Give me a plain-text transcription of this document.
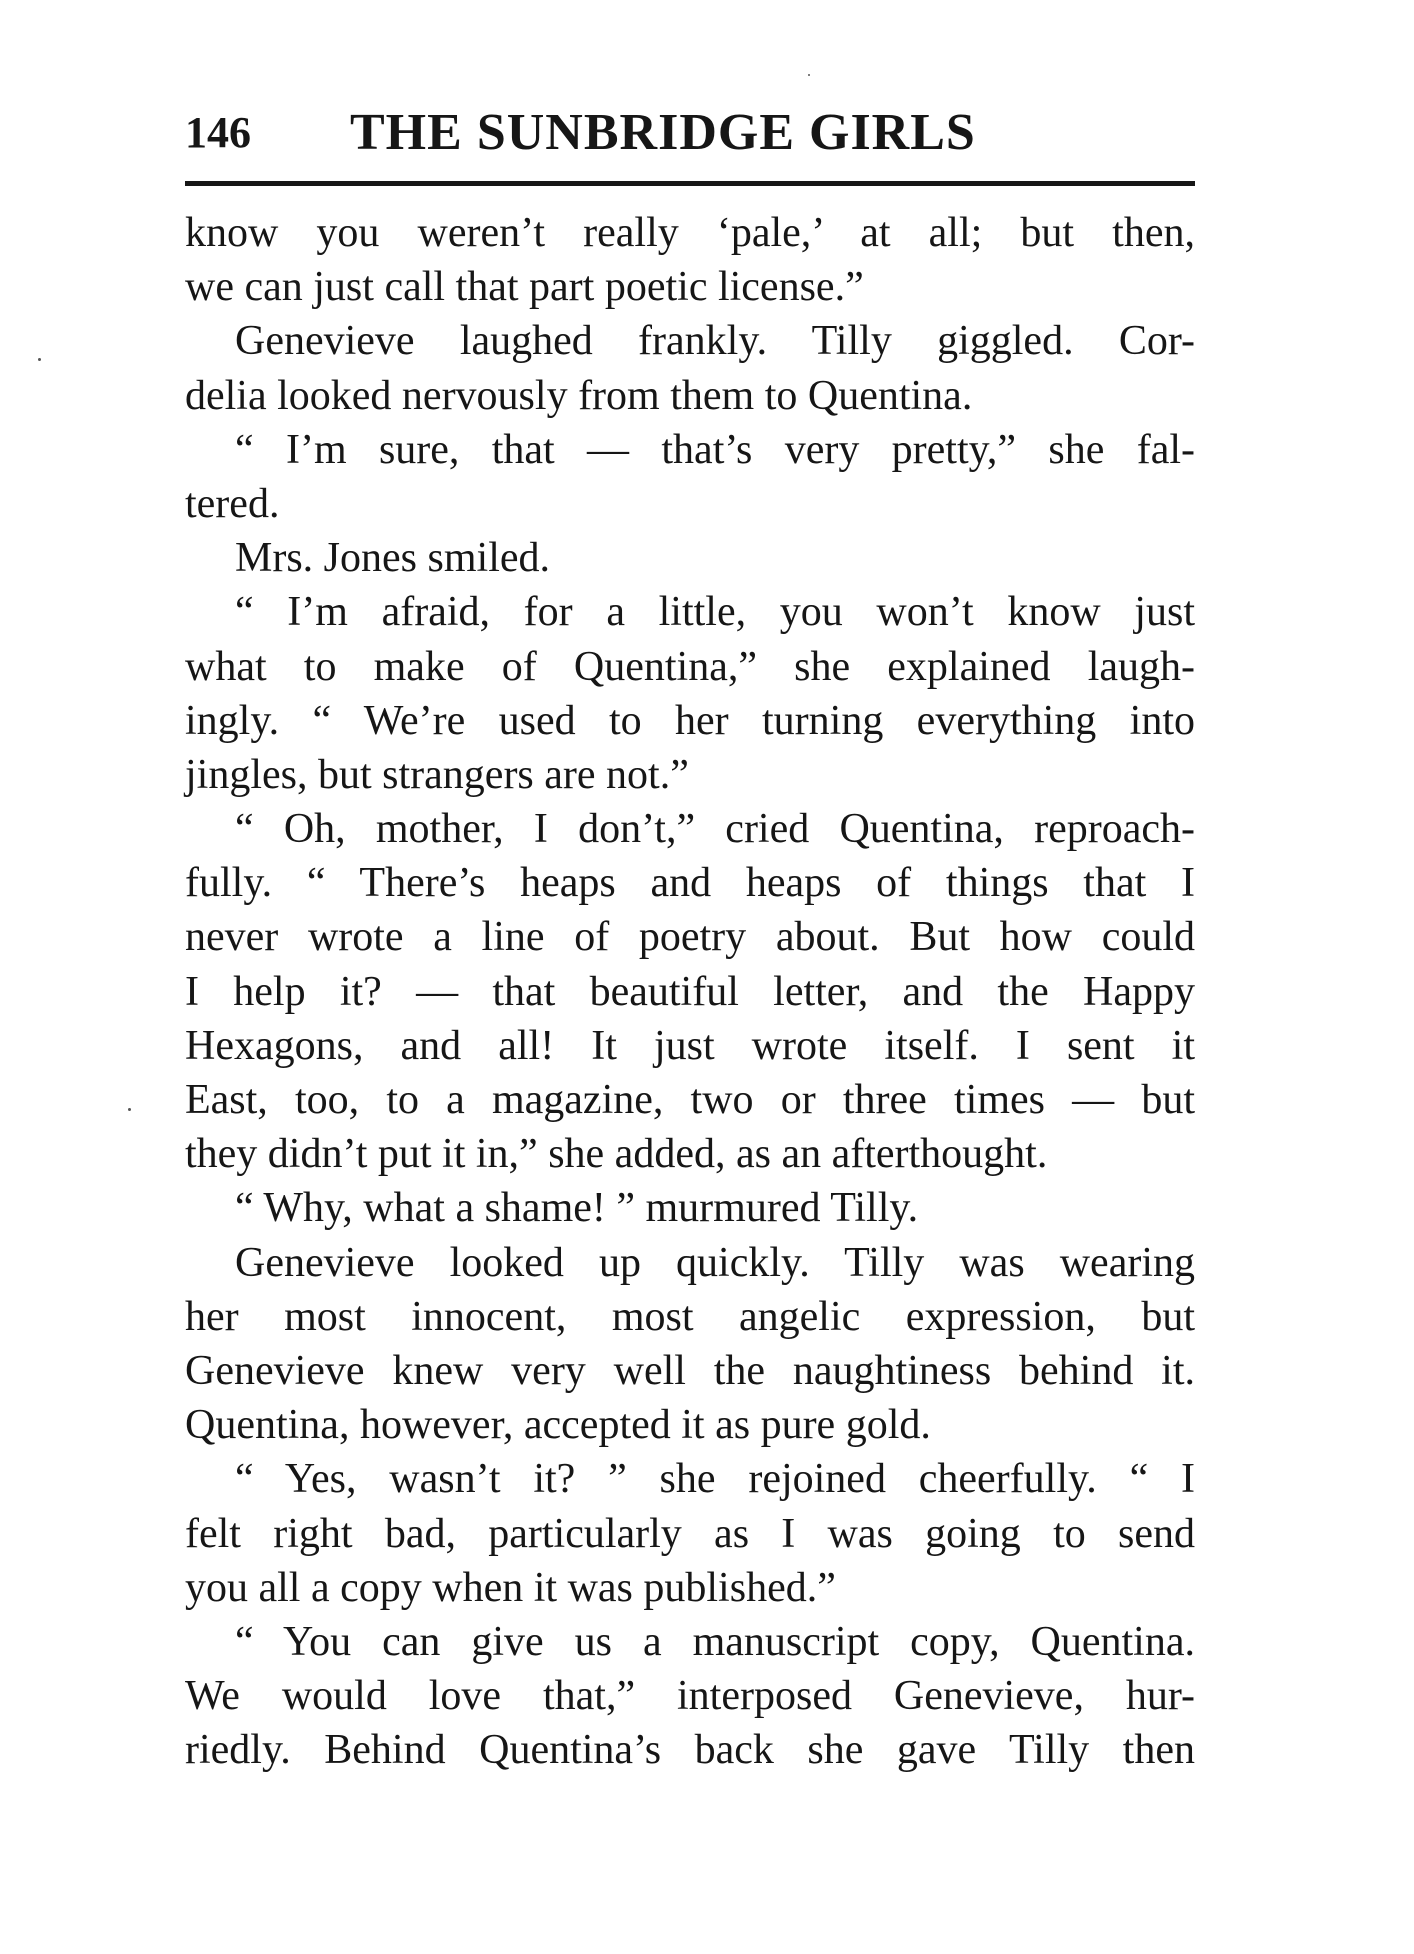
146 THE SUNBRIDGE GIRLS
know you weren’t really ‘pale,’ at all; but then,
we can just call that part poetic license.”
Genevieve laughed frankly. Tilly giggled. Cor-
delia looked nervously from them to Quentina.
“ I’m sure, that — that’s very pretty,” she fal-
tered.
Mrs. Jones smiled.
“ I’m afraid, for a little, you won’t know just
what to make of Quentina,” she explained laugh-
ingly. “ We’re used to her turning everything into
jingles, but strangers are not.”
“ Oh, mother, I don’t,” cried Quentina, reproach-
fully. “ There’s heaps and heaps of things that I
never wrote a line of poetry about. But how could
I help it? — that beautiful letter, and the Happy
Hexagons, and all! It just wrote itself. I sent it
East, too, to a magazine, two or three times — but
they didn’t put it in,” she added, as an afterthought.
“ Why, what a shame! ” murmured Tilly.
Genevieve looked up quickly. Tilly was wearing
her most innocent, most angelic expression, but
Genevieve knew very well the naughtiness behind it.
Quentina, however, accepted it as pure gold.
“ Yes, wasn’t it? ” she rejoined cheerfully. “ I
felt right bad, particularly as I was going to send
you all a copy when it was published.”
“ You can give us a manuscript copy, Quentina.
We would love that,” interposed Genevieve, hur-
riedly. Behind Quentina’s back she gave Tilly then
